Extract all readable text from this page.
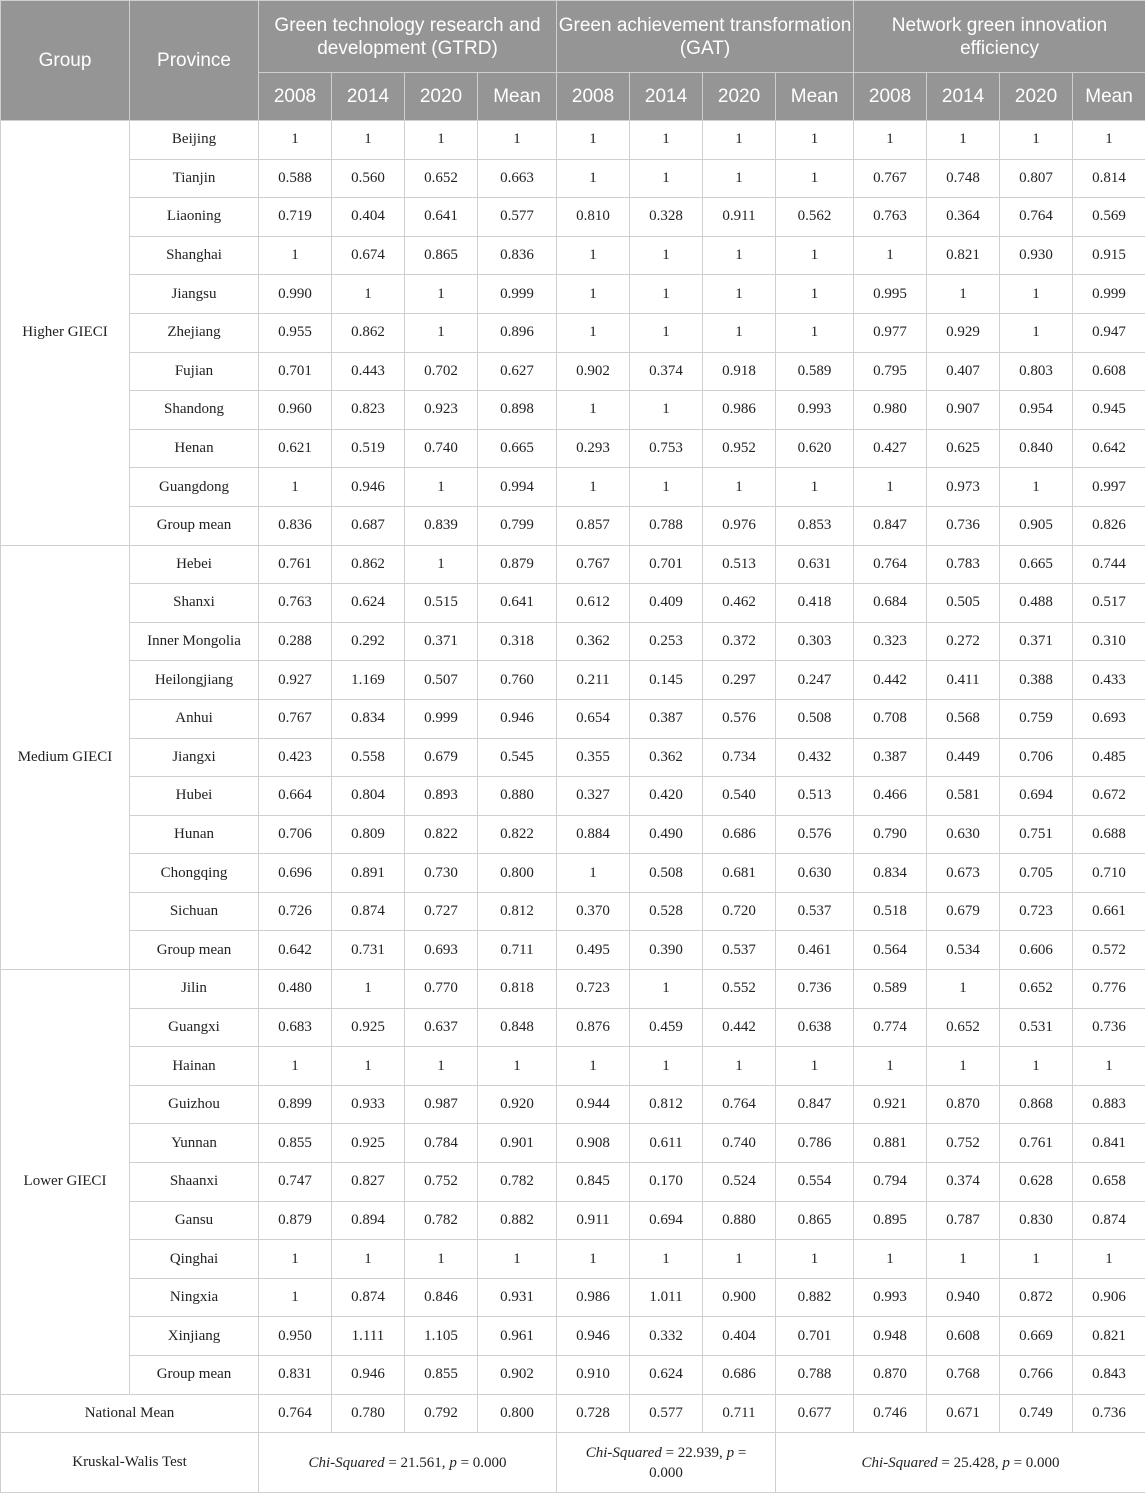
Group	Province	Green technology research and development (GTRD)				Green achievement transformation (GAT)				Network green innovation efficiency			
		2008	2014	2020	Mean	2008	2014	2020	Mean	2008	2014	2020	Mean
Higher GIECI	Beijing	1	1	1	1	1	1	1	1	1	1	1	1
	Tianjin	0.588	0.560	0.652	0.663	1	1	1	1	0.767	0.748	0.807	0.814
	Liaoning	0.719	0.404	0.641	0.577	0.810	0.328	0.911	0.562	0.763	0.364	0.764	0.569
	Shanghai	1	0.674	0.865	0.836	1	1	1	1	1	0.821	0.930	0.915
	Jiangsu	0.990	1	1	0.999	1	1	1	1	0.995	1	1	0.999
	Zhejiang	0.955	0.862	1	0.896	1	1	1	1	0.977	0.929	1	0.947
	Fujian	0.701	0.443	0.702	0.627	0.902	0.374	0.918	0.589	0.795	0.407	0.803	0.608
	Shandong	0.960	0.823	0.923	0.898	1	1	0.986	0.993	0.980	0.907	0.954	0.945
	Henan	0.621	0.519	0.740	0.665	0.293	0.753	0.952	0.620	0.427	0.625	0.840	0.642
	Guangdong	1	0.946	1	0.994	1	1	1	1	1	0.973	1	0.997
	Group mean	0.836	0.687	0.839	0.799	0.857	0.788	0.976	0.853	0.847	0.736	0.905	0.826
Medium GIECI	Hebei	0.761	0.862	1	0.879	0.767	0.701	0.513	0.631	0.764	0.783	0.665	0.744
	Shanxi	0.763	0.624	0.515	0.641	0.612	0.409	0.462	0.418	0.684	0.505	0.488	0.517
	Inner Mongolia	0.288	0.292	0.371	0.318	0.362	0.253	0.372	0.303	0.323	0.272	0.371	0.310
	Heilongjiang	0.927	1.169	0.507	0.760	0.211	0.145	0.297	0.247	0.442	0.411	0.388	0.433
	Anhui	0.767	0.834	0.999	0.946	0.654	0.387	0.576	0.508	0.708	0.568	0.759	0.693
	Jiangxi	0.423	0.558	0.679	0.545	0.355	0.362	0.734	0.432	0.387	0.449	0.706	0.485
	Hubei	0.664	0.804	0.893	0.880	0.327	0.420	0.540	0.513	0.466	0.581	0.694	0.672
	Hunan	0.706	0.809	0.822	0.822	0.884	0.490	0.686	0.576	0.790	0.630	0.751	0.688
	Chongqing	0.696	0.891	0.730	0.800	1	0.508	0.681	0.630	0.834	0.673	0.705	0.710
	Sichuan	0.726	0.874	0.727	0.812	0.370	0.528	0.720	0.537	0.518	0.679	0.723	0.661
	Group mean	0.642	0.731	0.693	0.711	0.495	0.390	0.537	0.461	0.564	0.534	0.606	0.572
Lower GIECI	Jilin	0.480	1	0.770	0.818	0.723	1	0.552	0.736	0.589	1	0.652	0.776
	Guangxi	0.683	0.925	0.637	0.848	0.876	0.459	0.442	0.638	0.774	0.652	0.531	0.736
	Hainan	1	1	1	1	1	1	1	1	1	1	1	1
	Guizhou	0.899	0.933	0.987	0.920	0.944	0.812	0.764	0.847	0.921	0.870	0.868	0.883
	Yunnan	0.855	0.925	0.784	0.901	0.908	0.611	0.740	0.786	0.881	0.752	0.761	0.841
	Shaanxi	0.747	0.827	0.752	0.782	0.845	0.170	0.524	0.554	0.794	0.374	0.628	0.658
	Gansu	0.879	0.894	0.782	0.882	0.911	0.694	0.880	0.865	0.895	0.787	0.830	0.874
	Qinghai	1	1	1	1	1	1	1	1	1	1	1	1
	Ningxia	1	0.874	0.846	0.931	0.986	1.011	0.900	0.882	0.993	0.940	0.872	0.906
	Xinjiang	0.950	1.111	1.105	0.961	0.946	0.332	0.404	0.701	0.948	0.608	0.669	0.821
	Group mean	0.831	0.946	0.855	0.902	0.910	0.624	0.686	0.788	0.870	0.768	0.766	0.843
National Mean		0.764	0.780	0.792	0.800	0.728	0.577	0.711	0.677	0.746	0.671	0.749	0.736
Kruskal-Walis Test		Chi-Squared = 21.561, p = 0.000				Chi-Squared = 22.939, p = 0.000			Chi-Squared = 25.428, p = 0.000				
